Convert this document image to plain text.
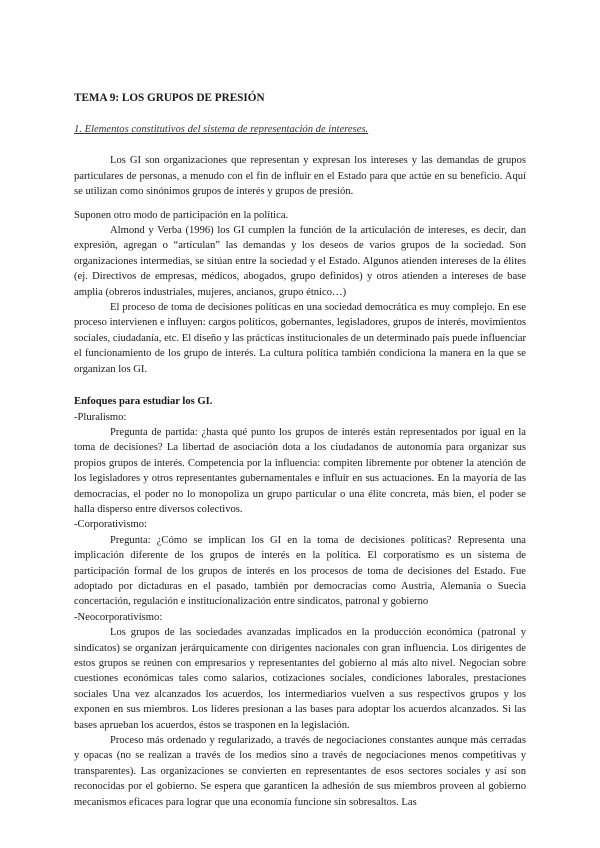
TEMA 9: LOS GRUPOS DE PRESIÓN

1. Elementos constitutivos del sistema de representación de intereses.

Los GI son organizaciones que representan y expresan los intereses y las demandas de grupos particulares de personas, a menudo con el fin de influir en el Estado para que actúe en su beneficio. Aquí se utilizan como sinónimos grupos de interés y grupos de presión.

Suponen otro modo de participación en la política.

Almond y Verba (1996) los GI cumplen la función de la articulación de intereses, es decir, dan expresión, agregan o “articulan” las demandas y los deseos de varios grupos de la sociedad. Son organizaciones intermedias, se sitúan entre la sociedad y el Estado. Algunos atienden intereses de la élites (ej. Directivos de empresas, médicos, abogados, grupo definidos) y otros atienden a intereses de base amplia (obreros industriales, mujeres, ancianos, grupo étnico…)

El proceso de toma de decisiones políticas en una sociedad democrática es muy complejo. En ese proceso intervienen e influyen: cargos políticos, gobernantes, legisladores, grupos de interés, movimientos sociales, ciudadanía, etc. El diseño y las prácticas institucionales de un determinado país puede influenciar el funcionamiento de los grupo de interés. La cultura política también condiciona la manera en la que se organizan los GI.

Enfoques para estudiar los GI.

-Pluralismo:

Pregunta de partida: ¿hasta qué punto los grupos de interés están representados por igual en la toma de decisiones? La libertad de asociación dota a los ciudadanos de autonomía para organizar sus propios grupos de interés. Competencia por la influencia: compiten libremente por obtener la atención de los legisladores y otros representantes gubernamentales e influir en sus actuaciones. En la mayoría de las democracias, el poder no lo monopoliza un grupo particular o una élite concreta, más bien, el poder se halla disperso entre diversos colectivos.

-Corporativismo:

Pregunta: ¿Cómo se implican los GI en la toma de decisiones políticas? Representa una implicación diferente de los grupos de interés en la política. El corporatismo es un sistema de participación formal de los grupos de interés en los procesos de toma de decisiones del Estado. Fue adoptado por dictaduras en el pasado, también por democracias como Austria, Alemania o Suecia concertación, regulación e institucionalización entre sindicatos, patronal y gobierno

-Neocorporativismo:

Los grupos de las sociedades avanzadas implicados en la producción económica (patronal y sindicatos) se organizan jerárquicamente con dirigentes nacionales con gran influencia. Los dirigentes de estos grupos se reúnen con empresarios y representantes del gobierno al más alto nivel. Negocian sobre cuestiones económicas tales como salarios, cotizaciones sociales, condiciones laborales, prestaciones sociales Una vez alcanzados los acuerdos, los intermediarios vuelven a sus respectivos grupos y los exponen en sus miembros. Los líderes presionan a las bases para adoptar los acuerdos alcanzados. Si las bases aprueban los acuerdos, éstos se trasponen en la legislación.

Proceso más ordenado y regularizado, a través de negociaciones constantes aunque más cerradas y opacas (no se realizan a través de los medios sino a través de negociaciones menos competitivas y transparentes). Las organizaciones se convierten en representantes de esos sectores sociales y así son reconocidas por el gobierno. Se espera que garanticen la adhesión de sus miembros proveen al gobierno mecanismos eficaces para lograr que una economía funcione sin sobresaltos. Las
